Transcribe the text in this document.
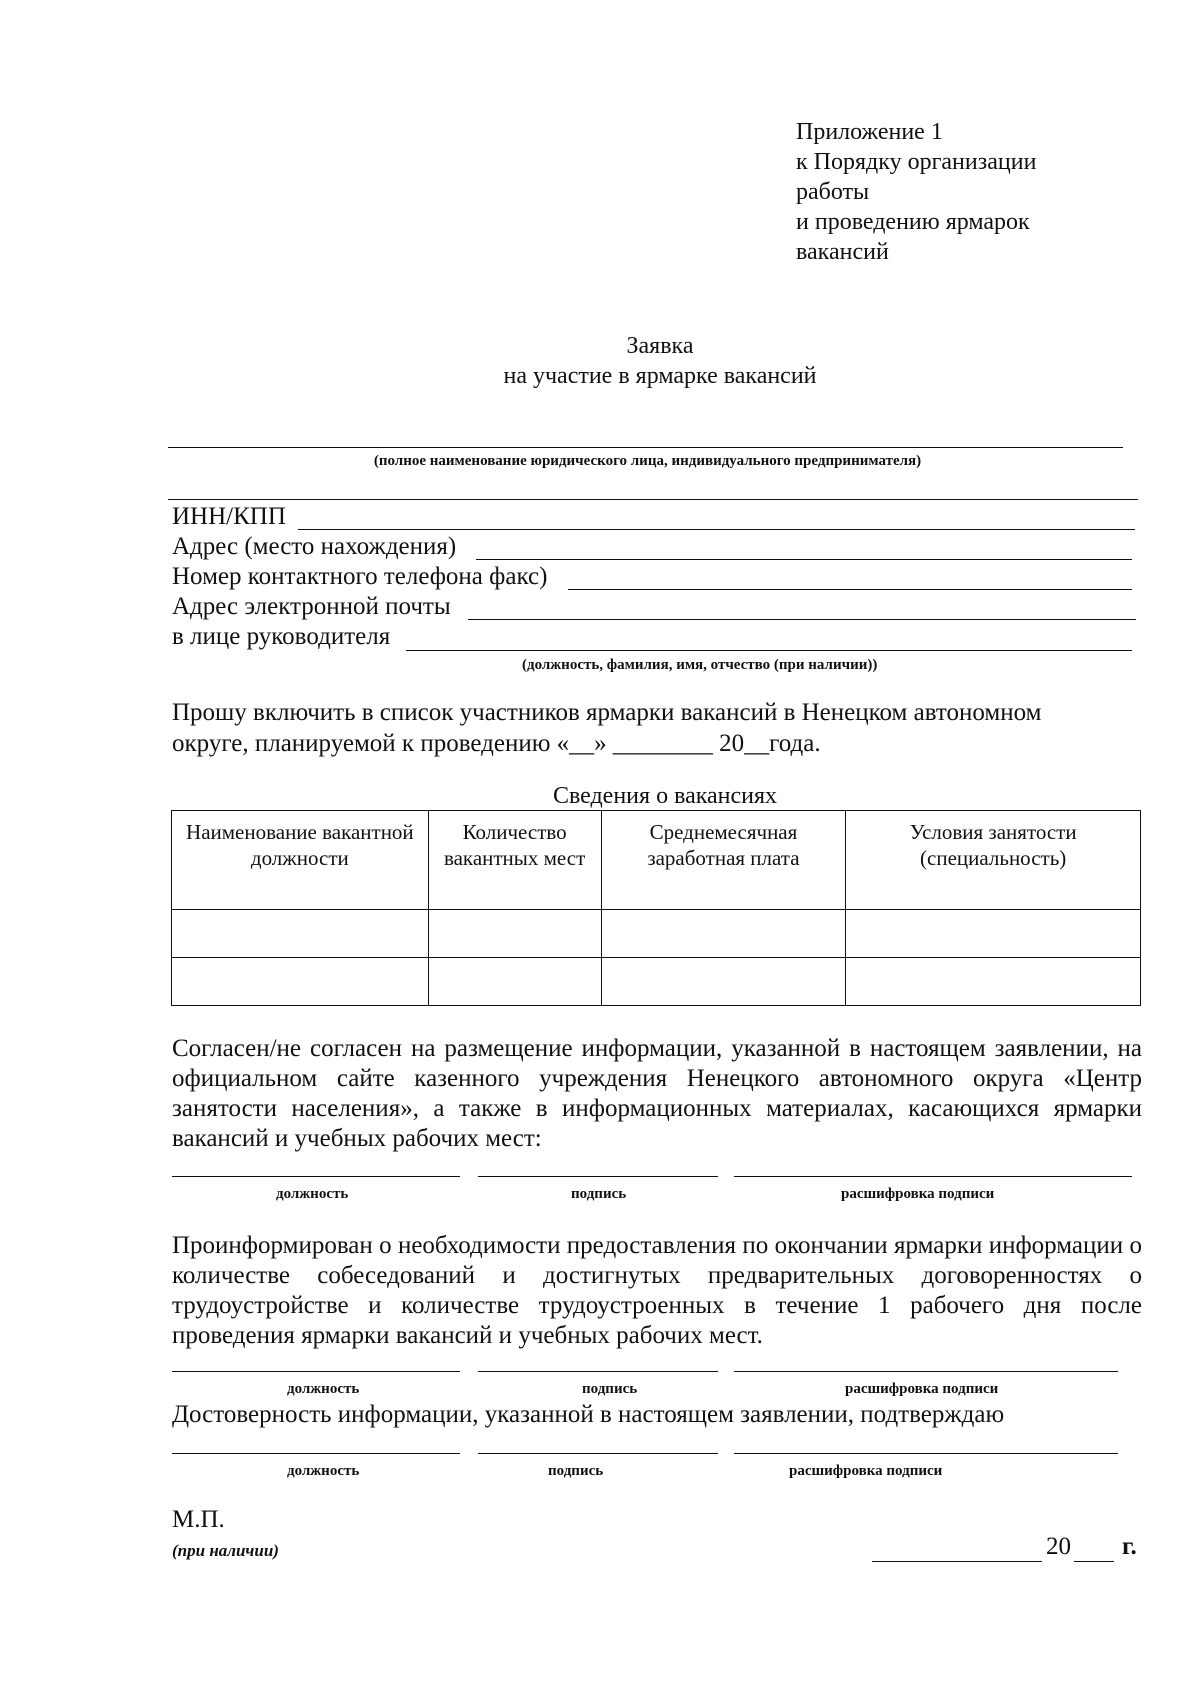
Приложение 1
к Порядку организации
работы
и проведению ярмарок
вакансий
Заявка
на участие в ярмарке вакансий
(полное наименование юридического лица, индивидуального предпринимателя)
ИНН/КПП
Адрес (место нахождения)
Номер контактного телефона факс)
Адрес электронной почты
в лице руководителя
(должность, фамилия, имя, отчество (при наличии))
Прошу включить в список участников ярмарки вакансий в Ненецком автономном
округе, планируемой к проведению «__» ________ 20__года.
Сведения о вакансиях
Наименование вакантной должности	Количество вакантных мест	Среднемесячная заработная плата	Условия занятости (специальность)

Согласен/не согласен на размещение информации, указанной в настоящем заявлении, на официальном сайте казенного учреждения Ненецкого автономного округа «Центр занятости населения», а также в информационных материалах, касающихся ярмарки вакансий и учебных рабочих мест:
должность	подпись	расшифровка подписи
Проинформирован о необходимости предоставления по окончании ярмарки информации о количестве собеседований и достигнутых предварительных договоренностях о трудоустройстве и количестве трудоустроенных в течение 1 рабочего дня после проведения ярмарки вакансий и учебных рабочих мест.
должность	подпись	расшифровка подписи
Достоверность информации, указанной в настоящем заявлении, подтверждаю
должность	подпись	расшифровка подписи
М.П.
(при наличии)	20 г.
